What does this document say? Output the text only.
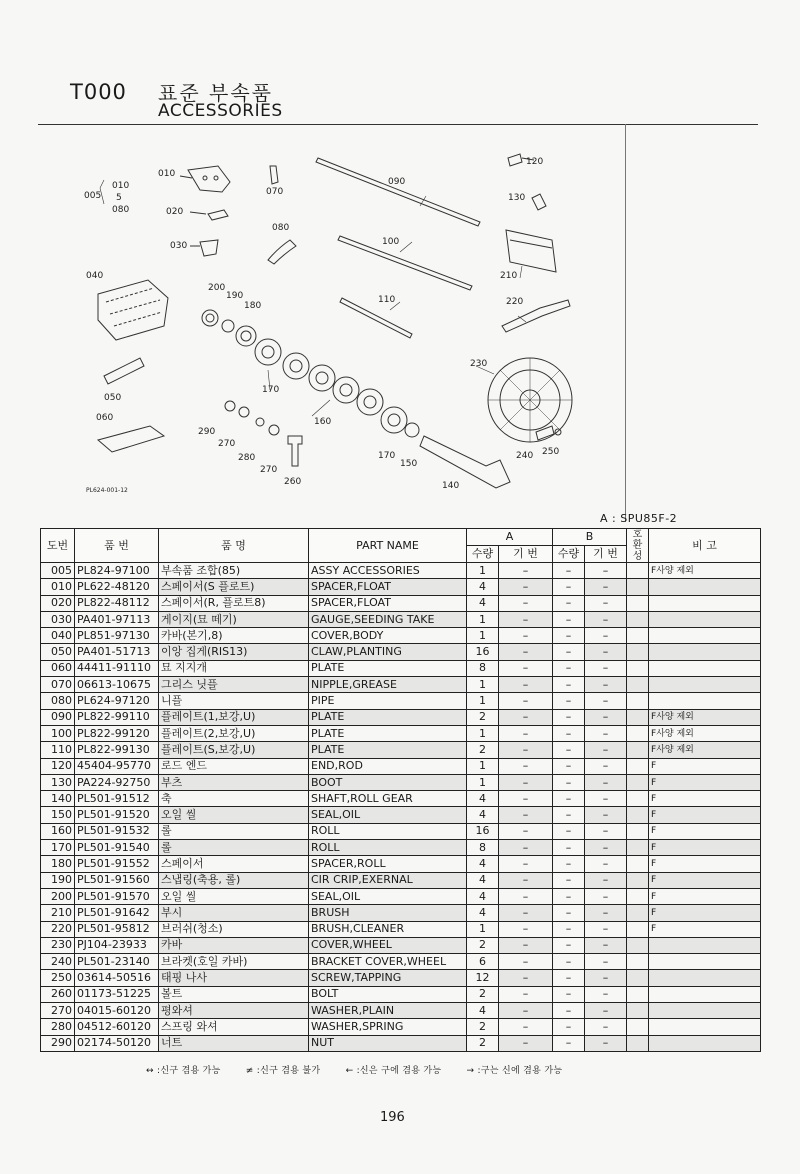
T000 표준 부속품
ACCESSORIES
005
010
5
080
010
070
090
120
130
020
080
100
030
210
040
200
190
180
110	220
230
050
170
060	160
290
270
280
270
260
170
150
140
240 250
PL624-001-12
A : SPU85F-2
도번	품 번	품 명	PART NAME	A		B		호환성	비 고
				수량	기 번	수량	기 번		
005	PL824-97100	부속품 조합(85)	ASSY ACCESSORIES	1	–	–	–		F사양 제외
010	PL622-48120	스페이서(S 플로트)	SPACER,FLOAT	4	–	–	–		
020	PL822-48112	스페이서(R, 플로트8)	SPACER,FLOAT	4	–	–	–		
030	PA401-97113	게이지(묘 떼기)	GAUGE,SEEDING TAKE	1	–	–	–		
040	PL851-97130	카바(본기,8)	COVER,BODY	1	–	–	–		
050	PA401-51713	이앙 집게(RIS13)	CLAW,PLANTING	16	–	–	–		
060	44411-91110	묘 지지개	PLATE	8	–	–	–		
070	06613-10675	그리스 닛플	NIPPLE,GREASE	1	–	–	–		
080	PL624-97120	니플	PIPE	1	–	–	–		
090	PL822-99110	플레이트(1,보강,U)	PLATE	2	–	–	–		F사양 제외
100	PL822-99120	플레이트(2,보강,U)	PLATE	1	–	–	–		F사양 제외
110	PL822-99130	플레이트(S,보강,U)	PLATE	2	–	–	–		F사양 제외
120	45404-95770	로드 엔드	END,ROD	1	–	–	–		F
130	PA224-92750	부츠	BOOT	1	–	–	–		F
140	PL501-91512	축	SHAFT,ROLL GEAR	4	–	–	–		F
150	PL501-91520	오일 씰	SEAL,OIL	4	–	–	–		F
160	PL501-91532	롤	ROLL	16	–	–	–		F
170	PL501-91540	롤	ROLL	8	–	–	–		F
180	PL501-91552	스페이서	SPACER,ROLL	4	–	–	–		F
190	PL501-91560	스냅링(축용, 롤)	CIR CRIP,EXERNAL	4	–	–	–		F
200	PL501-91570	오일 씰	SEAL,OIL	4	–	–	–		F
210	PL501-91642	부시	BRUSH	4	–	–	–		F
220	PL501-95812	브러쉬(청소)	BRUSH,CLEANER	1	–	–	–		F
230	PJ104-23933	카바	COVER,WHEEL	2	–	–	–		
240	PL501-23140	브라켓(호일 카바)	BRACKET COVER,WHEEL	6	–	–	–		
250	03614-50516	태핑 나사	SCREW,TAPPING	12	–	–	–		
260	01173-51225	볼트	BOLT	2	–	–	–		
270	04015-60120	평와셔	WASHER,PLAIN	4	–	–	–		
280	04512-60120	스프링 와셔	WASHER,SPRING	2	–	–	–		
290	02174-50120	너트	NUT	2	–	–	–		
↔ :신구 겸용 가능	≠ :신구 겸용 불가	← :신은 구에 겸용 가능	→ :구는 신에 겸용 가능
196
